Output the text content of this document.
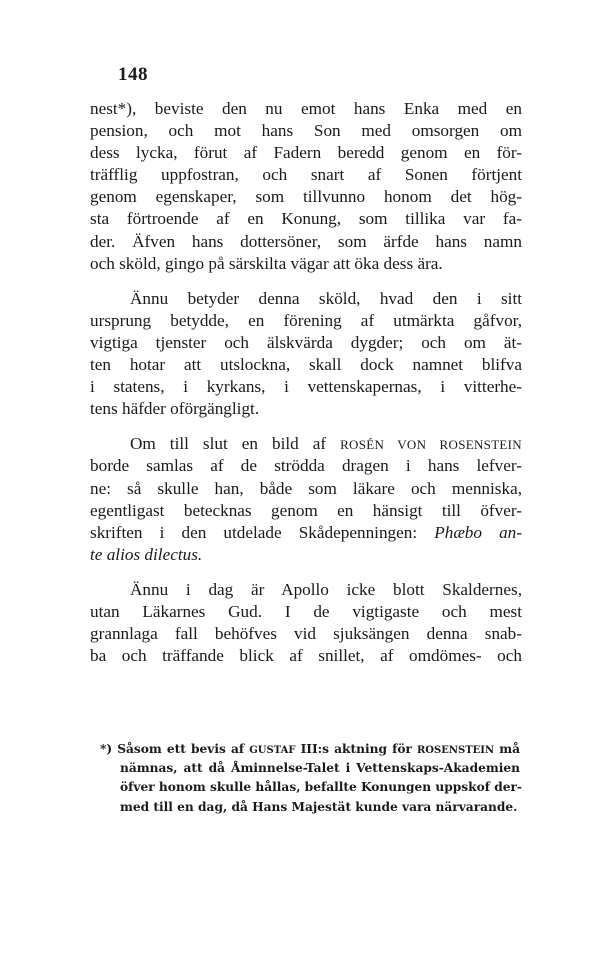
148
nest*), beviste den nu emot hans Enka med en
pension, och mot hans Son med omsorgen om
dess lycka, förut af Fadern beredd genom en för-
träfflig uppfostran, och snart af Sonen förtjent
genom egenskaper, som tillvunno honom det hög-
sta förtroende af en Konung, som tillika var fa-
der. Äfven hans dottersöner, som ärfde hans namn
och sköld, gingo på särskilta vägar att öka dess ära.
Ännu betyder denna sköld, hvad den i sitt
ursprung betydde, en förening af utmärkta gåfvor,
vigtiga tjenster och älskvärda dygder; och om ät-
ten hotar att utslockna, skall dock namnet blifva
i statens, i kyrkans, i vettenskapernas, i vitterhe-
tens häfder oförgängligt.
Om till slut en bild af ROSÉN VON ROSENSTEIN
borde samlas af de strödda dragen i hans lefver-
ne: så skulle han, både som läkare och menniska,
egentligast betecknas genom en hänsigt till öfver-
skriften i den utdelade Skådepenningen: Phæbo an-
te alios dilectus.
Ännu i dag är Apollo icke blott Skaldernes,
utan Läkarnes Gud. I de vigtigaste och mest
grannlaga fall behöfves vid sjuksängen denna snab-
ba och träffande blick af snillet, af omdömes- och
*) Såsom ett bevis af GUSTAF III:s aktning för ROSENSTEIN må
nämnas, att då Åminnelse-Talet i Vettenskaps-Akademien
öfver honom skulle hållas, befallte Konungen uppskof der-
med till en dag, då Hans Majestät kunde vara närvarande.
